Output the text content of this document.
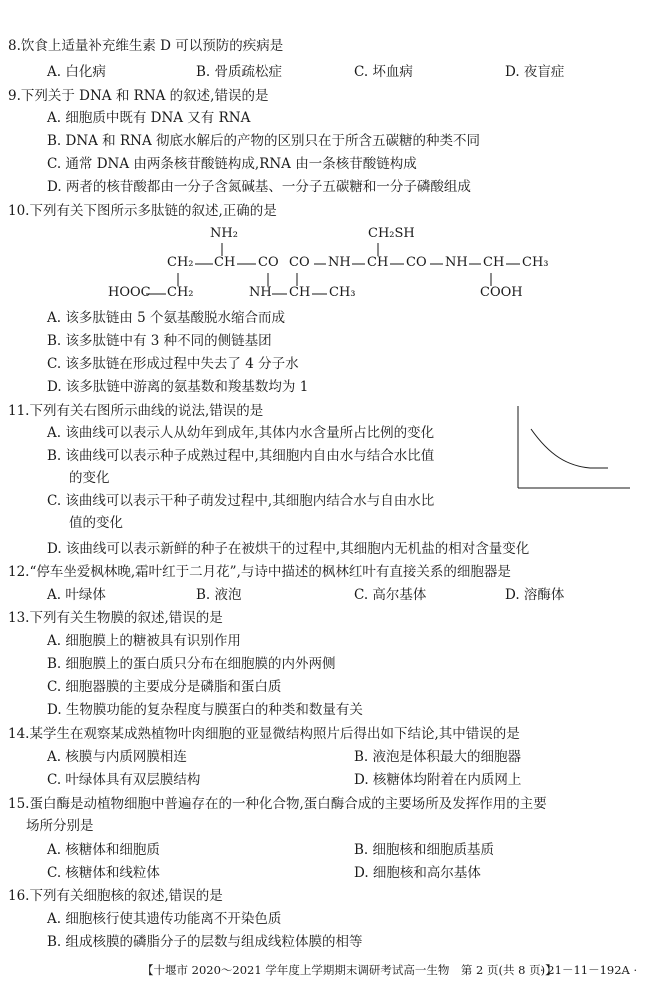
8.饮食上适量补充维生素 D 可以预防的疾病是
A. 白化病	B. 骨质疏松症	C. 坏血病	D. 夜盲症
9.下列关于 DNA 和 RNA 的叙述,错误的是
A. 细胞质中既有 DNA 又有 RNA
B. DNA 和 RNA 彻底水解后的产物的区别只在于所含五碳糖的种类不同
C. 通常 DNA 由两条核苷酸链构成,RNA 由一条核苷酸链构成
D. 两者的核苷酸都由一分子含氮碱基、一分子五碳糖和一分子磷酸组成
10.下列有关下图所示多肽链的叙述,正确的是
NH₂	CH₂SH
CH₂ CH CO CO NH CH CO NH CH CH₃
HOOC CH₂	NH CH CH₃	COOH
A. 该多肽链由 5 个氨基酸脱水缩合而成
B. 该多肽链中有 3 种不同的侧链基团
C. 该多肽链在形成过程中失去了 4 分子水
D. 该多肽链中游离的氨基数和羧基数均为 1
11.下列有关右图所示曲线的说法,错误的是
A. 该曲线可以表示人从幼年到成年,其体内水含量所占比例的变化
B. 该曲线可以表示种子成熟过程中,其细胞内自由水与结合水比值
的变化
C. 该曲线可以表示干种子萌发过程中,其细胞内结合水与自由水比
值的变化
D. 该曲线可以表示新鲜的种子在被烘干的过程中,其细胞内无机盐的相对含量变化
12.“停车坐爱枫林晚,霜叶红于二月花”,与诗中描述的枫林红叶有直接关系的细胞器是
A. 叶绿体	B. 液泡	C. 高尔基体	D. 溶酶体
13.下列有关生物膜的叙述,错误的是
A. 细胞膜上的糖被具有识别作用
B. 细胞膜上的蛋白质只分布在细胞膜的内外两侧
C. 细胞器膜的主要成分是磷脂和蛋白质
D. 生物膜功能的复杂程度与膜蛋白的种类和数量有关
14.某学生在观察某成熟植物叶肉细胞的亚显微结构照片后得出如下结论,其中错误的是
A. 核膜与内质网膜相连	B. 液泡是体积最大的细胞器
C. 叶绿体具有双层膜结构	D. 核糖体均附着在内质网上
15.蛋白酶是动植物细胞中普遍存在的一种化合物,蛋白酶合成的主要场所及发挥作用的主要
场所分别是
A. 核糖体和细胞质	B. 细胞核和细胞质基质
C. 核糖体和线粒体	D. 细胞核和高尔基体
16.下列有关细胞核的叙述,错误的是
A. 细胞核行使其遗传功能离不开染色质
B. 组成核膜的磷脂分子的层数与组成线粒体膜的相等
【十堰市 2020～2021 学年度上学期期末调研考试高一生物　第 2 页(共 8 页)】
· 21－11－192A ·
